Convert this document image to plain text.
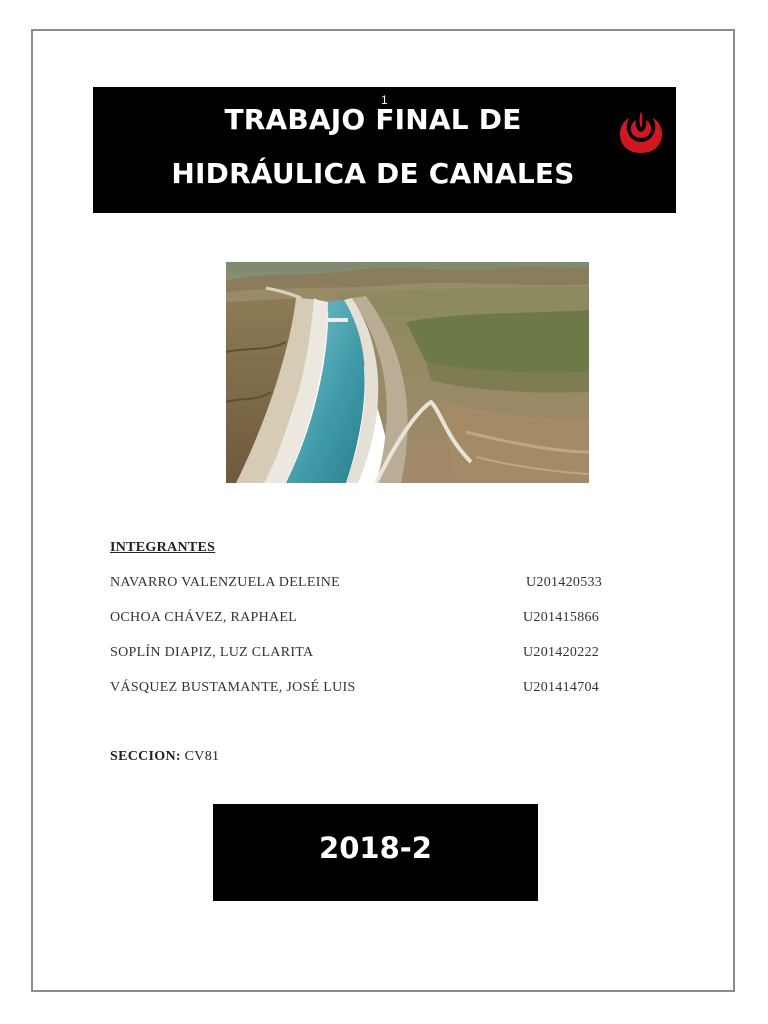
TRABAJO FINAL DE
HIDRÁULICA DE CANALES
1
INTEGRANTES
NAVARRO VALENZUELA DELEINE	U201420533
OCHOA CHÁVEZ, RAPHAEL	U201415866
SOPLÍN DIAPIZ, LUZ CLARITA	U201420222
VÁSQUEZ BUSTAMANTE, JOSÉ LUIS	U201414704
SECCION: CV81
2018-2
